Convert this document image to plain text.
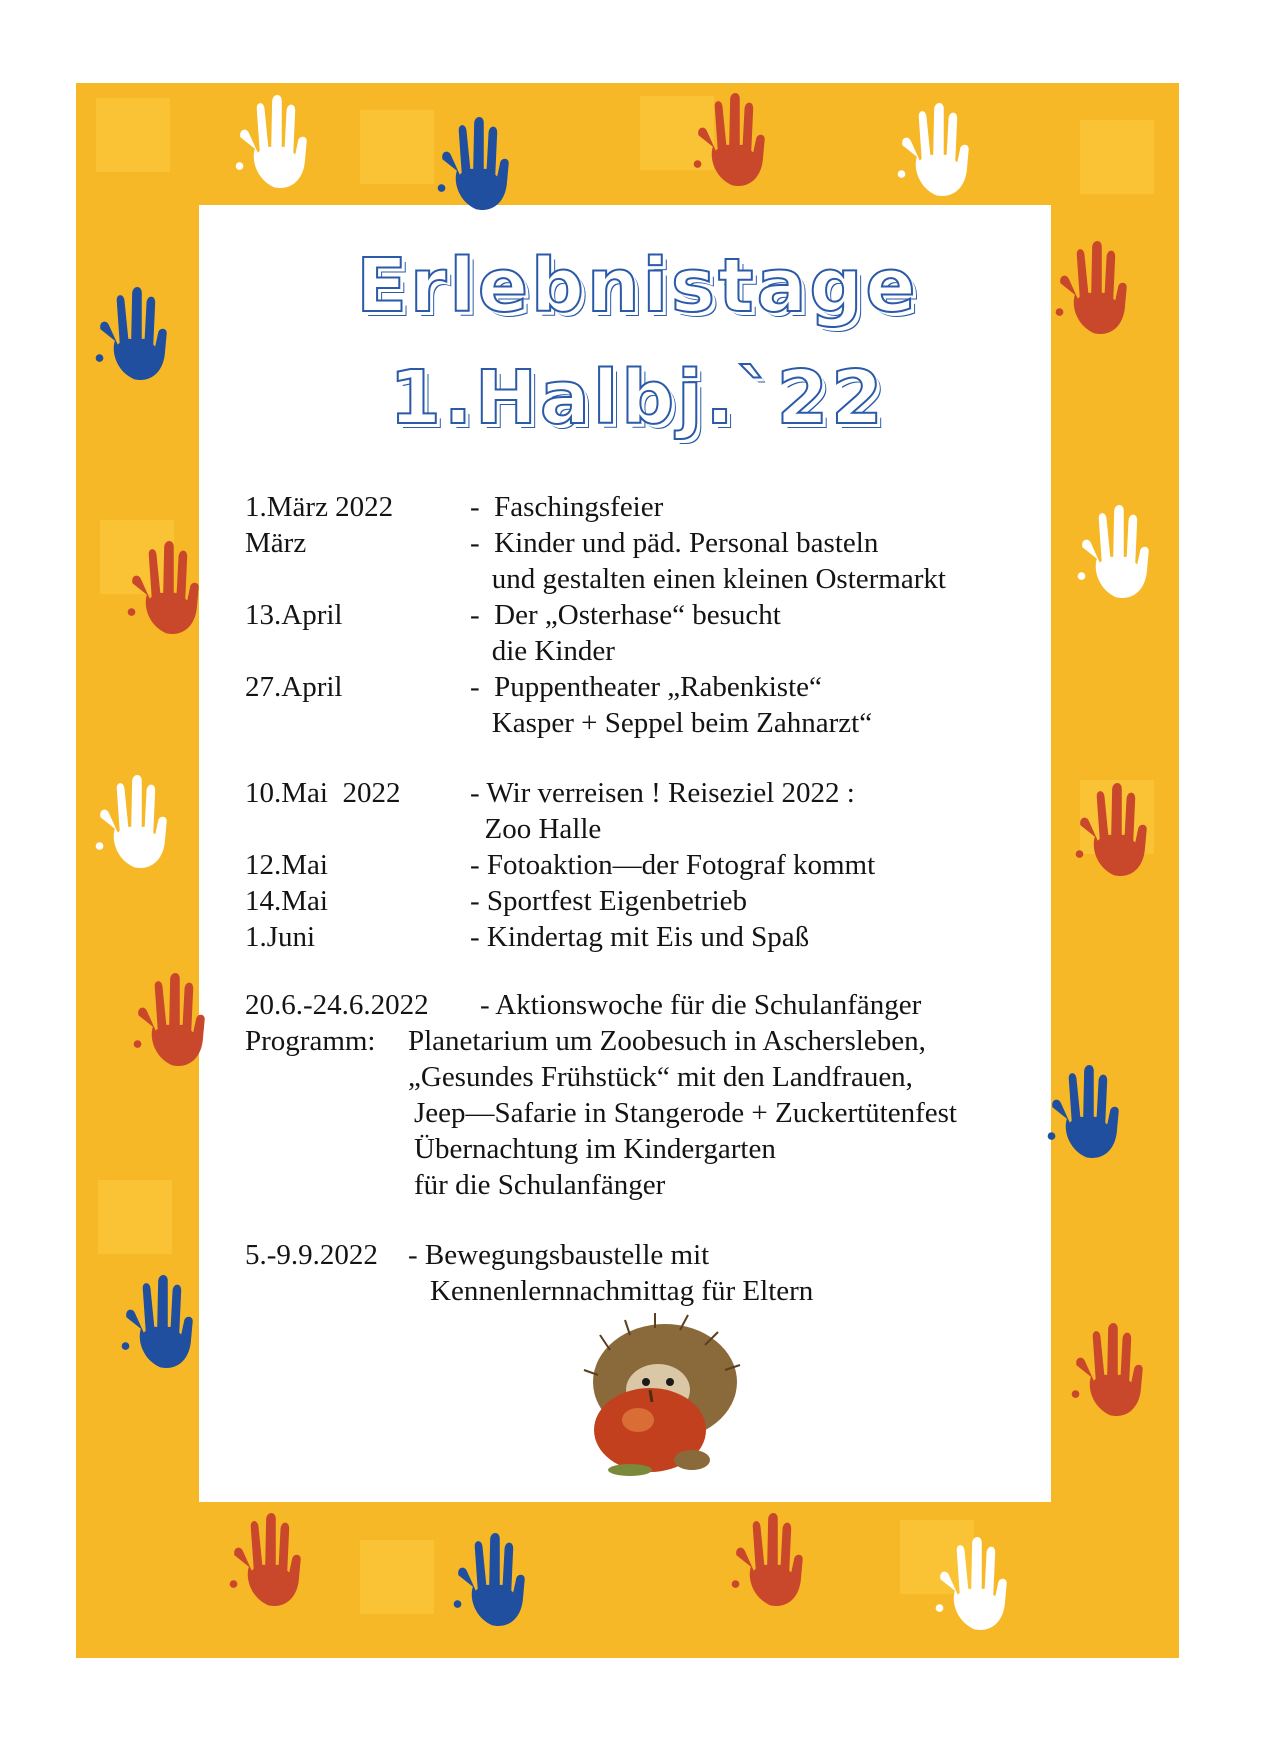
Erlebnistage
1.Halbj.`22
1.März 2022	-  Faschingsfeier
März	-  Kinder und päd. Personal basteln
und gestalten einen kleinen Ostermarkt
13.April	-  Der „Osterhase“ besucht
die Kinder
27.April	-  Puppentheater „Rabenkiste“
Kasper + Seppel beim Zahnarzt“
10.Mai  2022 - Wir verreisen ! Reiseziel 2022 :
Zoo Halle
12.Mai	- Fotoaktion—der Fotograf kommt
14.Mai	- Sportfest Eigenbetrieb
1.Juni	- Kindertag mit Eis und Spaß
20.6.-24.6.2022 - Aktionswoche für die Schulanfänger
Programm: Planetarium um Zoobesuch in Aschersleben,
„Gesundes Frühstück“ mit den Landfrauen,
Jeep—Safarie in Stangerode + Zuckertütenfest
Übernachtung im Kindergarten
für die Schulanfänger
5.-9.9.2022 - Bewegungsbaustelle mit
Kennenlernnachmittag für Eltern
